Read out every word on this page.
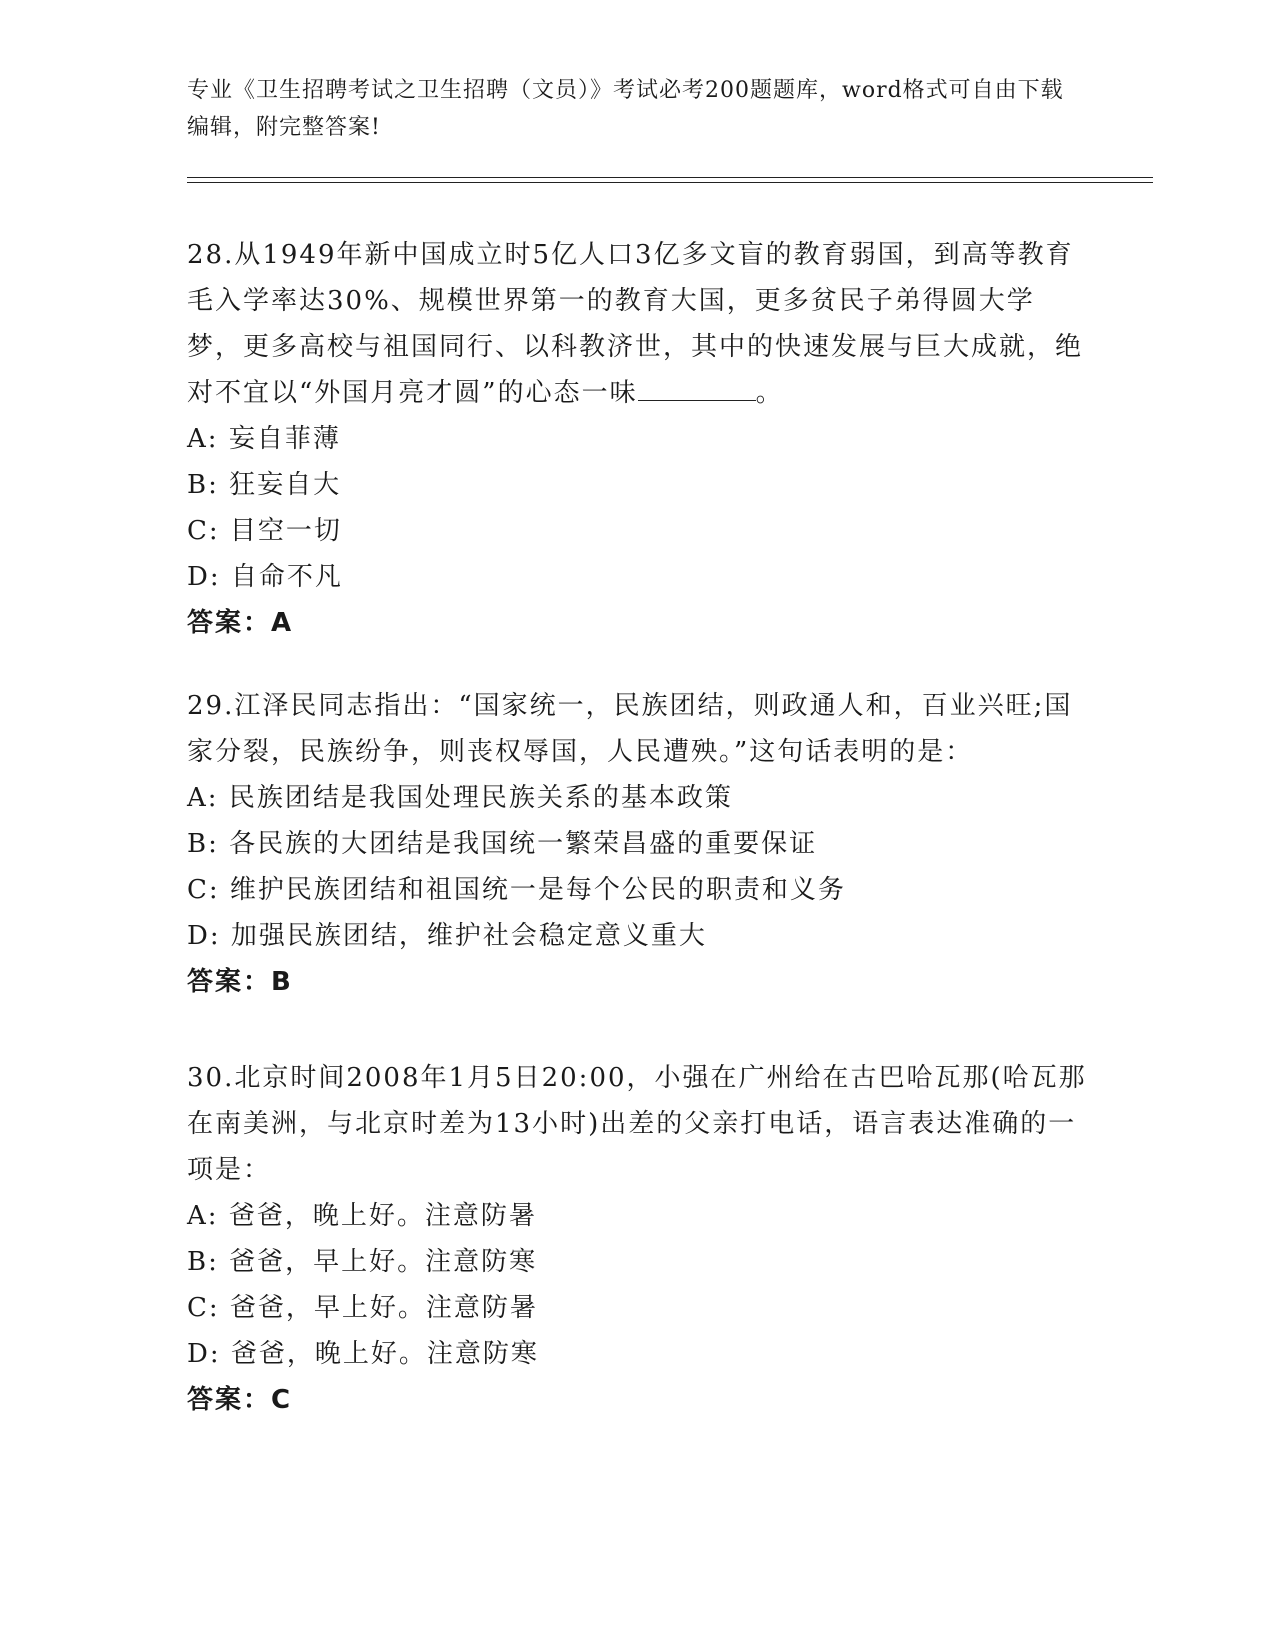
专业《卫生招聘考试之卫生招聘（文员）》考试必考200题题库，word格式可自由下载编辑，附完整答案!

28.从1949年新中国成立时5亿人口3亿多文盲的教育弱国，到高等教育毛入学率达30%、规模世界第一的教育大国，更多贫民子弟得圆大学梦，更多高校与祖国同行、以科教济世，其中的快速发展与巨大成就，绝对不宜以“外国月亮才圆”的心态一味	。

A: 妄自菲薄

B: 狂妄自大

C: 目空一切

D: 自命不凡

答案：A

29.江泽民同志指出：“国家统一，民族团结，则政通人和，百业兴旺;国家分裂，民族纷争，则丧权辱国，人民遭殃。”这句话表明的是：

A: 民族团结是我国处理民族关系的基本政策

B: 各民族的大团结是我国统一繁荣昌盛的重要保证

C: 维护民族团结和祖国统一是每个公民的职责和义务

D: 加强民族团结，维护社会稳定意义重大

答案：B

30.北京时间2008年1月5日20:00，小强在广州给在古巴哈瓦那(哈瓦那在南美洲，与北京时差为13小时)出差的父亲打电话，语言表达准确的一项是：

A: 爸爸，晚上好。注意防暑

B: 爸爸，早上好。注意防寒

C: 爸爸，早上好。注意防暑

D: 爸爸，晚上好。注意防寒

答案：C
